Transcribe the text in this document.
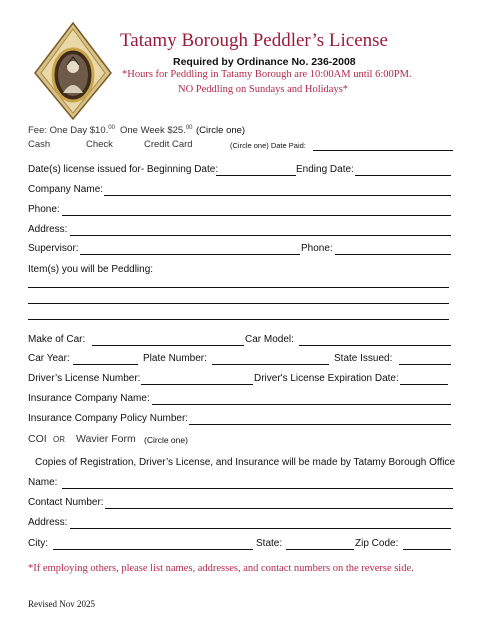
Tatamy Borough Peddler’s License
Required by Ordinance No. 236-2008
*Hours for Peddling in Tatamy Borough are 10:00AM until 6:00PM.
NO Peddling on Sundays and Holidays*
Fee: One Day $10.00 One Week $25.00 (Circle one)
Cash	Check	Credit Card	(Circle one) Date Paid:
Date(s) license issued for- Beginning Date:	Ending Date:
Company Name:
Phone:
Address:
Supervisor:	Phone:
Item(s) you will be Peddling:
Make of Car:	Car Model:
Car Year:	Plate Number:	State Issued:
Driver’s License Number:	Driver's License Expiration Date:
Insurance Company Name:
Insurance Company Policy Number:
COI OR Wavier Form (Circle one)
Copies of Registration, Driver’s License, and Insurance will be made by Tatamy Borough Office
Name:
Contact Number:
Address:
City:	State:	Zip Code:
*If employing others, please list names, addresses, and contact numbers on the reverse side.
Revised Nov 2025
